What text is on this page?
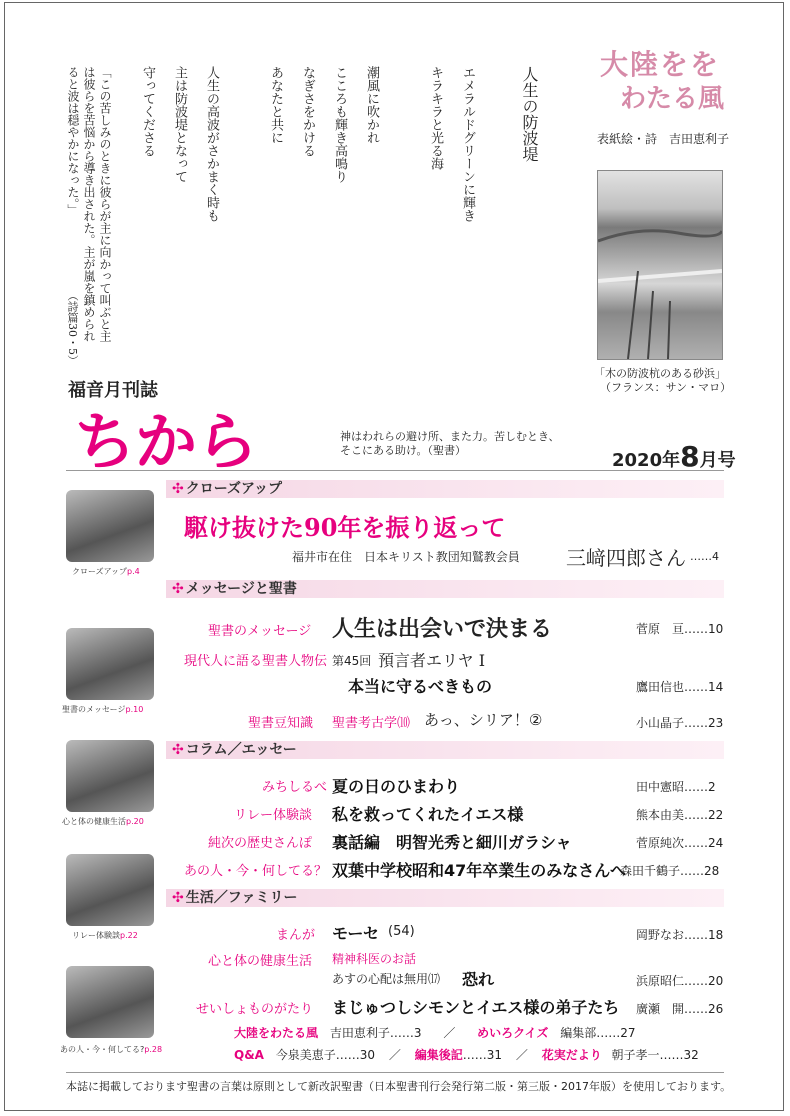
人生の防波堤
エメラルドグリーンに輝き
キラキラと光る海
潮風に吹かれ
こころも輝き高鳴り
なぎさをかける
あなたと共に
人生の高波がさかまく時も
主は防波堤となって
守ってくださる
「この苦しみのときに彼らが主に向かって叫ぶと主
は彼らを苦悩から導き出された。主が嵐を鎮められ
ると波は穏やかになった。」
（詩篇30・5）
大陸をを
わたる風
表紙絵・詩　吉田恵利子
「木の防波杭のある砂浜」
（フランス：サン・マロ）
福音月刊誌
ちから	神はわれらの避け所、また力。苦しむとき、
そこにある助け。（聖書）	2020年8月号
✣ クローズアップ
✣ メッセージと聖書
✣ コラム／エッセー
✣ 生活／ファミリー
クローズアップp.4
聖書のメッセージp.10
心と体の健康生活p.20
リレー体験談p.22
あの人・今・何してる?p.28
駆け抜けた90年を振り返って
福井市在住　日本キリスト教団知鷲教会員 三﨑四郎さん ……4
聖書のメッセージ 人生は出会いで決まる	菅原　亘……10
現代人に語る聖書人物伝 第45回 預言者エリヤ Ⅰ
本当に守るべきもの	鷹田信也……14
聖書豆知識 聖書考古学⑽ あっ、シリア！②	小山晶子……23
みちしるべ 夏の日のひまわり	田中憲昭……2
リレー体験談 私を救ってくれたイエス様	熊本由美……22
純次の歴史さんぽ 裏話編　明智光秀と細川ガラシャ	菅原純次……24
あの人・今・何してる？ 双葉中学校昭和47年卒業生のみなさんへ
森田千鶴子……28
まんが モーセ (54)	岡野なお……18
心と体の健康生活 精神科医のお話
あすの心配は無用⒄ 恐れ	浜原昭仁……20
せいしょものがたり まじゅつしシモンとイエス様の弟子たち 廣瀬　開……26
大陸をわたる風 吉田恵利子……3 ／ めいろクイズ 編集部……27
Q&A 今泉美恵子……30 ／ 編集後記……31 ／ 花実だより 朝子孝一……32
本誌に掲載しております聖書の言葉は原則として新改訳聖書（日本聖書刊行会発行第二版・第三版・2017年版）を使用しております。
